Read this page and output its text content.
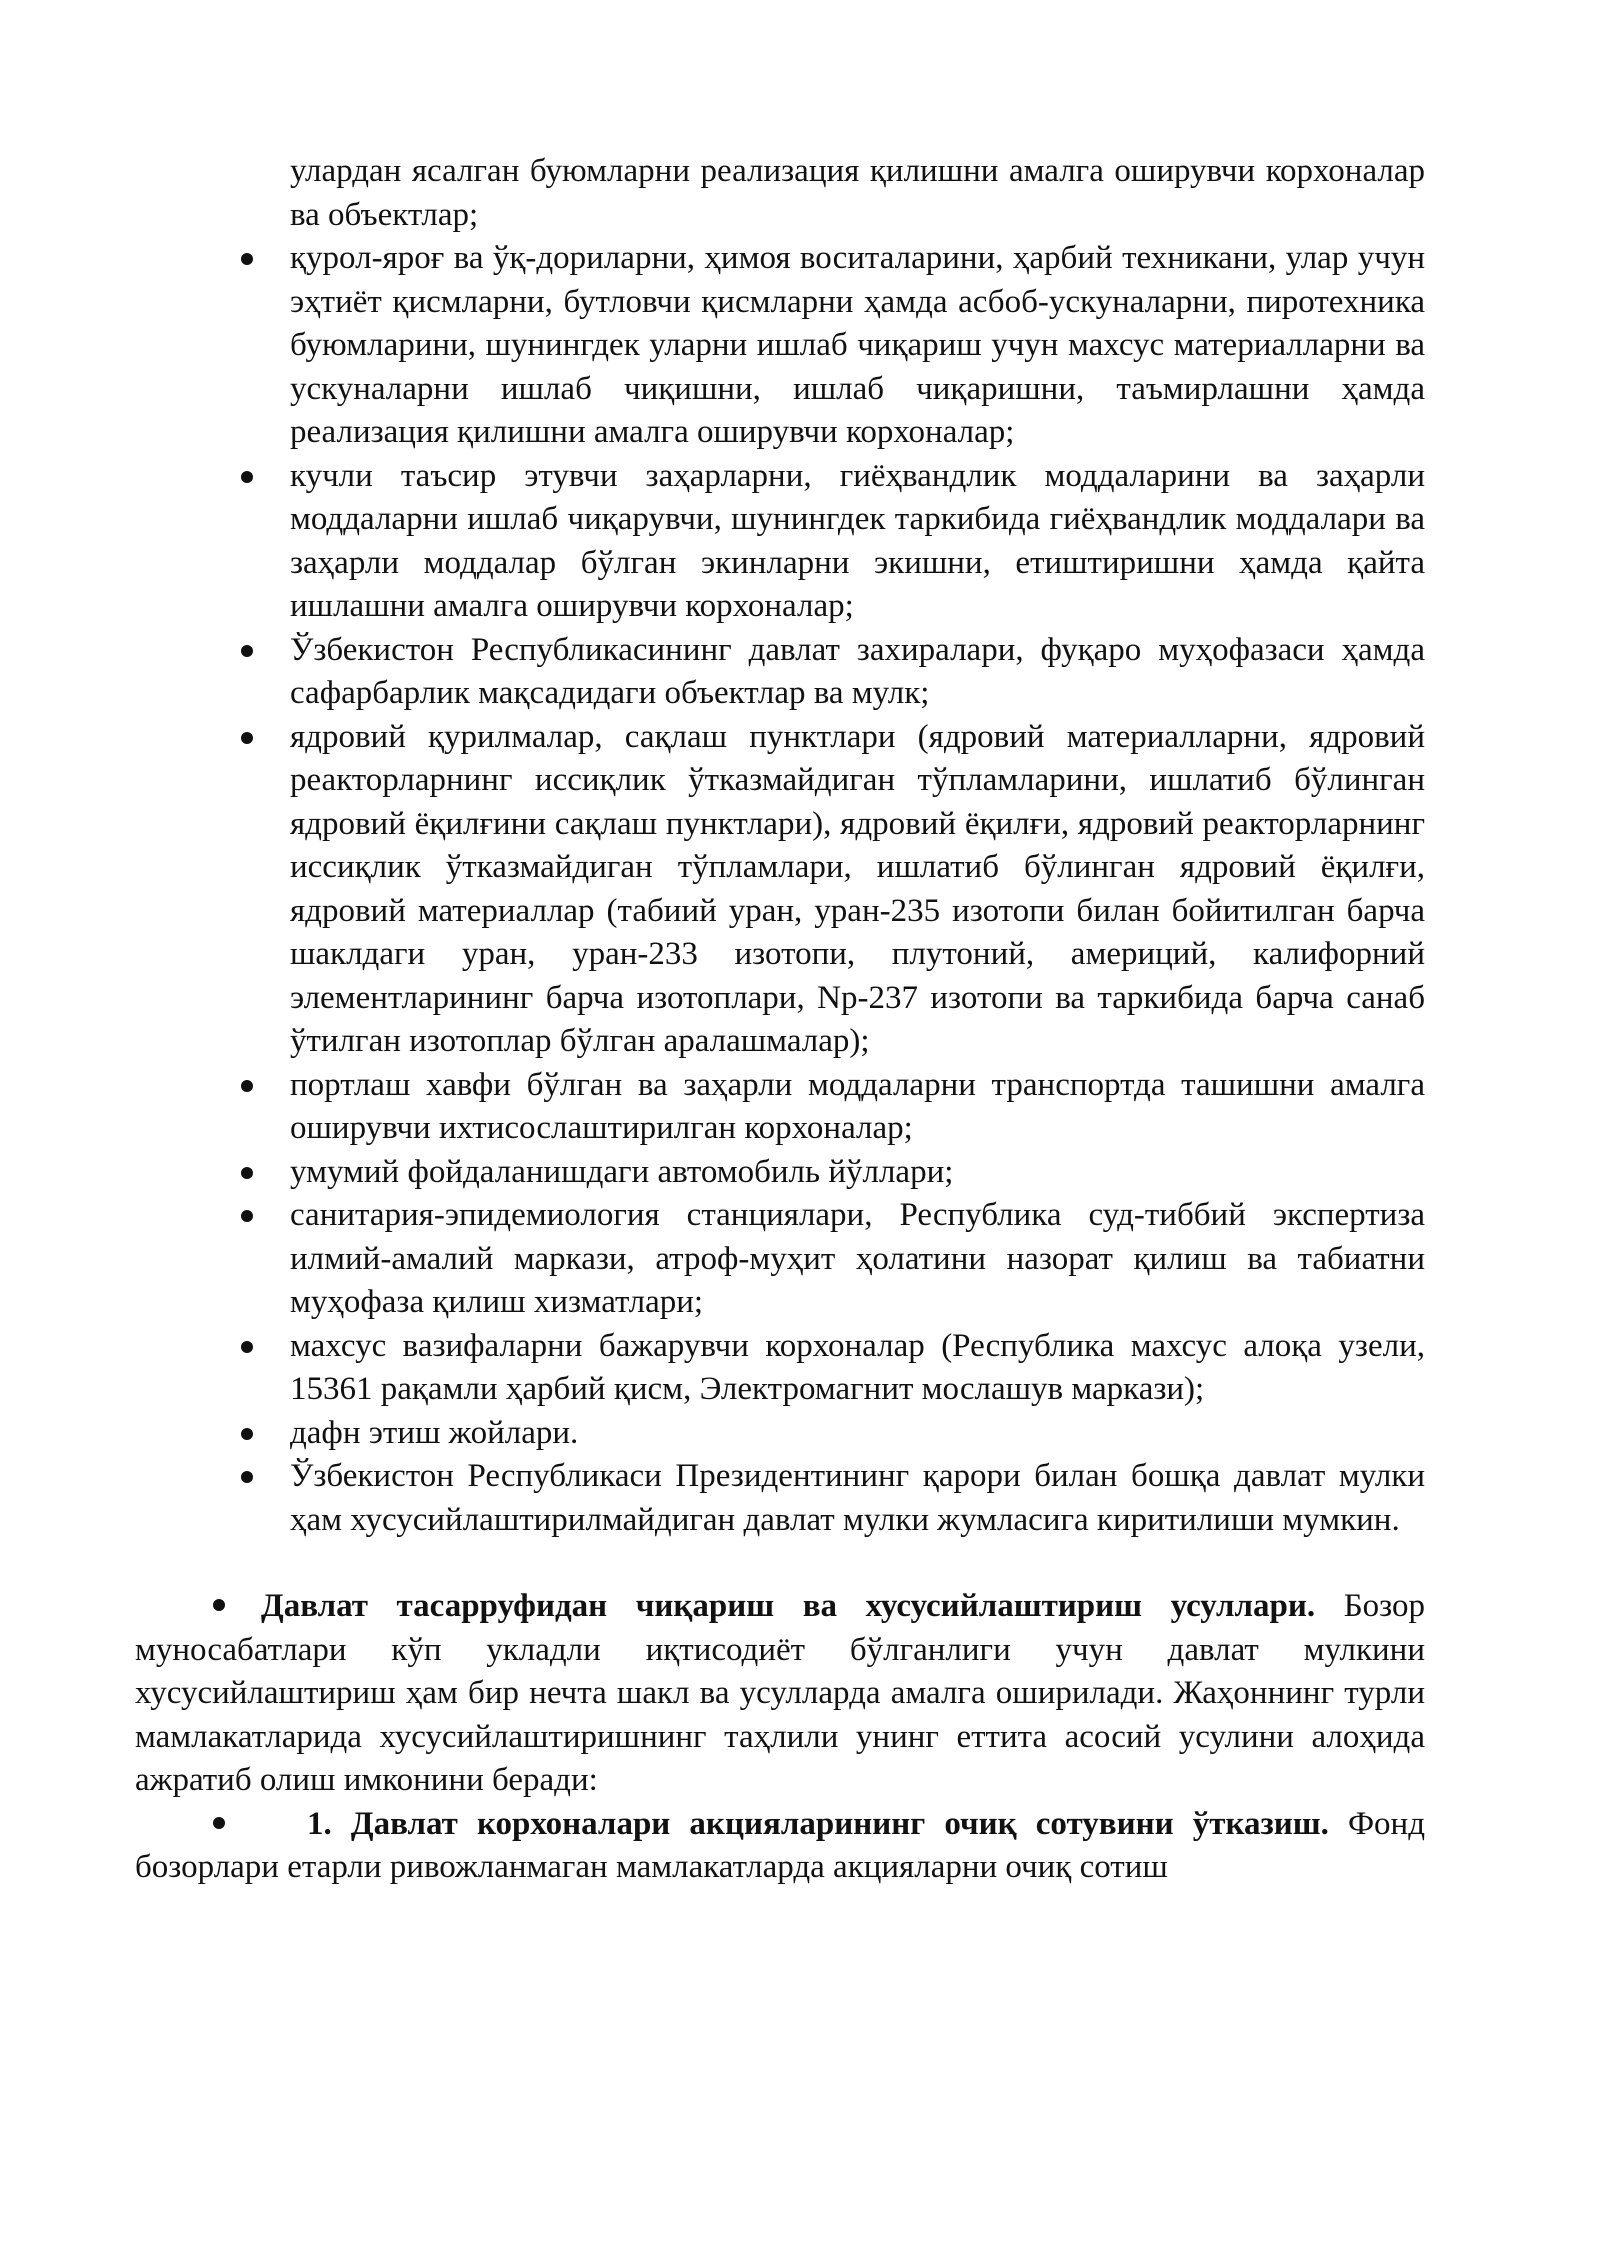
улардан ясалган буюмларни реализация қилишни амалга оширувчи корхоналар ва объектлар;
қурол-яроғ ва ўқ-дориларни, ҳимоя воситаларини, ҳарбий техникани, улар учун эҳтиёт қисмларни, бутловчи қисмларни ҳамда асбоб-ускуналарни, пиротехника буюмларини, шунингдек уларни ишлаб чиқариш учун махсус материалларни ва ускуналарни ишлаб чиқишни, ишлаб чиқаришни, таъмирлашни ҳамда реализация қилишни амалга оширувчи корхоналар;
кучли таъсир этувчи заҳарларни, гиёҳвандлик моддаларини ва заҳарли моддаларни ишлаб чиқарувчи, шунингдек таркибида гиёҳвандлик моддалари ва заҳарли моддалар бўлган экинларни экишни, етиштиришни ҳамда қайта ишлашни амалга оширувчи корхоналар;
Ўзбекистон Республикасининг давлат захиралари, фуқаро муҳофазаси ҳамда сафарбарлик мақсадидаги объектлар ва мулк;
ядровий қурилмалар, сақлаш пунктлари (ядровий материалларни, ядровий реакторларнинг иссиқлик ўтказмайдиган тўпламларини, ишлатиб бўлинган ядровий ёқилғини сақлаш пунктлари), ядровий ёқилғи, ядровий реакторларнинг иссиқлик ўтказмайдиган тўпламлари, ишлатиб бўлинган ядровий ёқилғи, ядровий материаллар (табиий уран, уран-235 изотопи билан бойитилган барча шаклдаги уран, уран-233 изотопи, плутоний, америций, калифорний элементларининг барча изотоплари, Np-237 изотопи ва таркибида барча санаб ўтилган изотоплар бўлган аралашмалар);
портлаш хавфи бўлган ва заҳарли моддаларни транспортда ташишни амалга оширувчи ихтисослаштирилган корхоналар;
умумий фойдаланишдаги автомобиль йўллари;
санитария-эпидемиология станциялари, Республика суд-тиббий экспертиза илмий-амалий маркази, атроф-муҳит ҳолатини назорат қилиш ва табиатни муҳофаза қилиш хизматлари;
махсус вазифаларни бажарувчи корхоналар (Республика махсус алоқа узели, 15361 рақамли ҳарбий қисм, Электромагнит мослашув маркази);
дафн этиш жойлари.
Ўзбекистон Республикаси Президентининг қарори билан бошқа давлат мулки ҳам хусусийлаштирилмайдиган давлат мулки жумласига киритилиши мумкин.

Давлат тасарруфидан чиқариш ва хусусийлаштириш усуллари. Бозор муносабатлари кўп укладли иқтисодиёт бўлганлиги учун давлат мулкини хусусийлаштириш ҳам бир нечта шакл ва усулларда амалга оширилади. Жаҳоннинг турли мамлакатларида хусусийлаштиришнинг таҳлили унинг еттита асосий усулини алоҳида ажратиб олиш имконини беради:

1. Давлат корхоналари акцияларининг очиқ сотувини ўтказиш. Фонд бозорлари етарли ривожланмаган мамлакатларда акцияларни очиқ сотиш
